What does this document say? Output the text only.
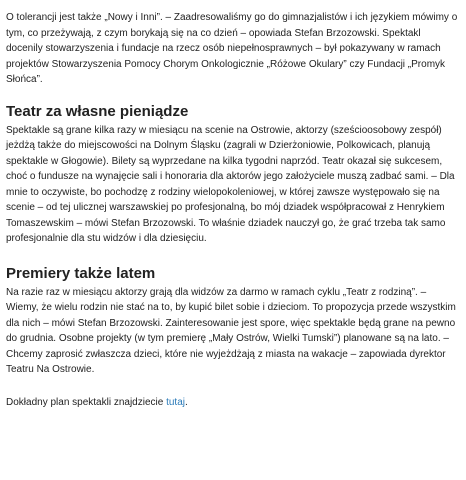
O tolerancji jest także „Nowy i Inni”. – Zaadresowaliśmy go do gimnazjalistów i ich językiem mówimy o tym, co przeżywają, z czym borykają się na co dzień – opowiada Stefan Brzozowski. Spektakl docenily stowarzyszenia i fundacje na rzecz osób niepełnosprawnych – był pokazywany w ramach projektów Stowarzyszenia Pomocy Chorym Onkologicznie „Różowe Okulary” czy Fundacji „Promyk Słońca”.

Teatr za własne pieniądze

Spektakle są grane kilka razy w miesiącu na scenie na Ostrowie, aktorzy (sześcioosobowy zespół) jeżdżą także do miejscowości na Dolnym Śląsku (zagrali w Dzierżoniowie, Polkowicach, planują spektakle w Głogowie). Bilety są wyprzedane na kilka tygodni naprzód. Teatr okazał się sukcesem, choć o fundusze na wynajęcie sali i honoraria dla aktorów jego założyciele muszą zadbać sami. – Dla mnie to oczywiste, bo pochodzę z rodziny wielopokoleniowej, w której zawsze występowało się na scenie – od tej ulicznej warszawskiej po profesjonalną, bo mój dziadek współpracował z Henrykiem Tomaszewskim – mówi Stefan Brzozowski. To właśnie dziadek nauczył go, że grać trzeba tak samo profesjonalnie dla stu widzów i dla dziesięciu.

Premiery także latem

Na razie raz w miesiącu aktorzy grają dla widzów za darmo w ramach cyklu „Teatr z rodziną”. – Wiemy, że wielu rodzin nie stać na to, by kupić bilet sobie i dzieciom. To propozycja przede wszystkim dla nich – mówi Stefan Brzozowski. Zainteresowanie jest spore, więc spektakle będą grane na pewno do grudnia. Osobne projekty (w tym premierę „Mały Ostrów, Wielki Tumski”) planowane są na lato. – Chcemy zaprosić zwłaszcza dzieci, które nie wyjeżdżają z miasta na wakacje – zapowiada dyrektor Teatru Na Ostrowie.

Dokładny plan spektakli znajdziecie tutaj.
